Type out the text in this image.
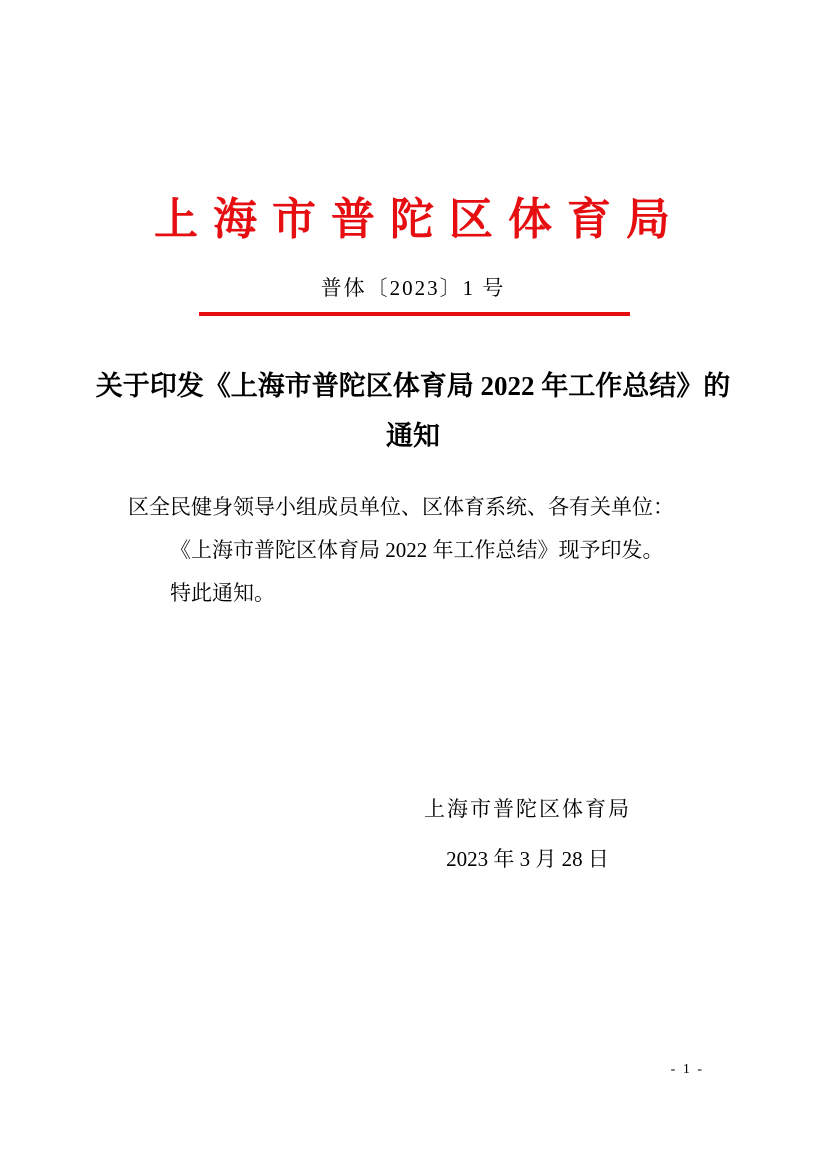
上 海 市 普 陀 区 体 育 局
普体〔2023〕1 号
关于印发《上海市普陀区体育局 2022 年工作总结》的
通知

区全民健身领导小组成员单位、区体育系统、各有关单位：

《上海市普陀区体育局 2022 年工作总结》现予印发。

特此通知。

上海市普陀区体育局
2023 年 3 月 28 日
- 1 -
